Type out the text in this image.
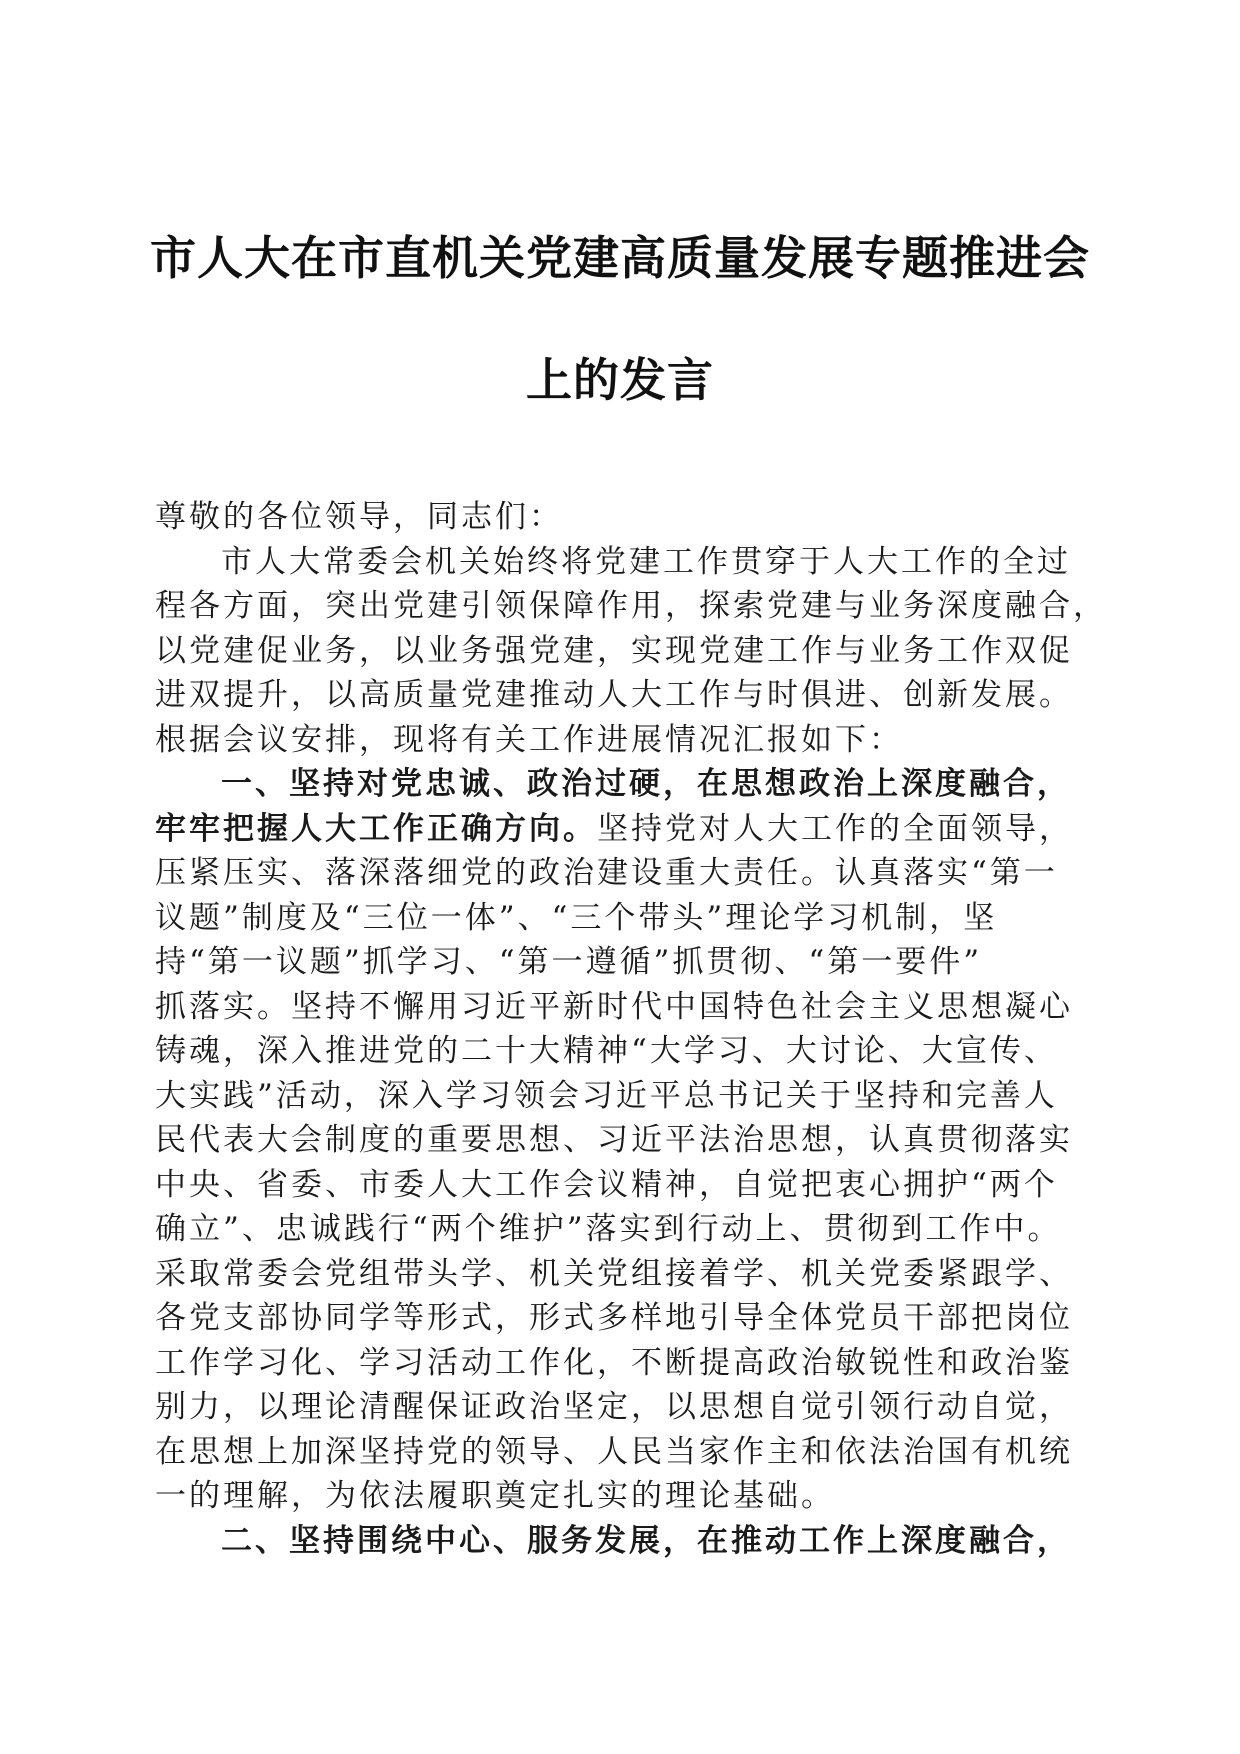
市人大在市直机关党建高质量发展专题推进会
上的发言
尊敬的各位领导，同志们：
市人大常委会机关始终将党建工作贯穿于人大工作的全过
程各方面，突出党建引领保障作用，探索党建与业务深度融合，
以党建促业务，以业务强党建，实现党建工作与业务工作双促
进双提升，以高质量党建推动人大工作与时俱进、创新发展。
根据会议安排，现将有关工作进展情况汇报如下：
一、坚持对党忠诚、政治过硬，在思想政治上深度融合，
牢牢把握人大工作正确方向。坚持党对人大工作的全面领导，
压紧压实、落深落细党的政治建设重大责任。认真落实“第一
议题”制度及“三位一体”、“三个带头”理论学习机制，坚
持“第一议题”抓学习、“第一遵循”抓贯彻、“第一要件”
抓落实。坚持不懈用习近平新时代中国特色社会主义思想凝心
铸魂，深入推进党的二十大精神“大学习、大讨论、大宣传、
大实践”活动，深入学习领会习近平总书记关于坚持和完善人
民代表大会制度的重要思想、习近平法治思想，认真贯彻落实
中央、省委、市委人大工作会议精神，自觉把衷心拥护“两个
确立”、忠诚践行“两个维护”落实到行动上、贯彻到工作中。
采取常委会党组带头学、机关党组接着学、机关党委紧跟学、
各党支部协同学等形式，形式多样地引导全体党员干部把岗位
工作学习化、学习活动工作化，不断提高政治敏锐性和政治鉴
别力，以理论清醒保证政治坚定，以思想自觉引领行动自觉，
在思想上加深坚持党的领导、人民当家作主和依法治国有机统
一的理解，为依法履职奠定扎实的理论基础。
二、坚持围绕中心、服务发展，在推动工作上深度融合，
